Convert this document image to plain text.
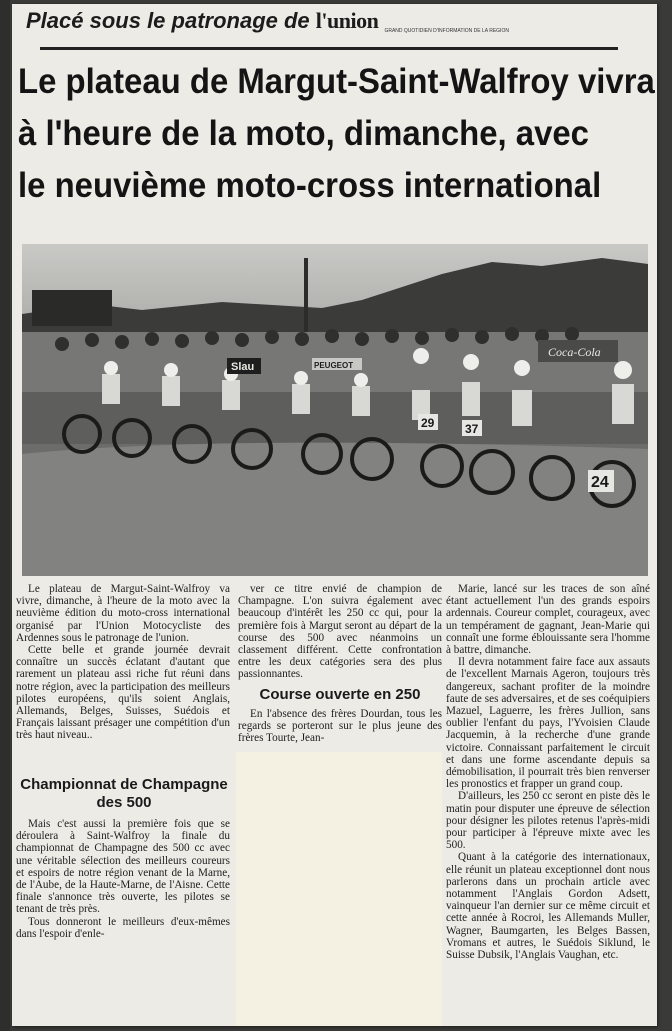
Placé sous le patronage de l'union GRAND QUOTIDIEN D'INFORMATION DE LA REGION
Le plateau de Margut-Saint-Walfroy vivra
à l'heure de la moto, dimanche, avec
le neuvième moto-cross international
Slau	PEUGEOT
Coca-Cola
29	37
24

Le plateau de Margut-Saint-Walfroy va vivre, dimanche, à l'heure de la moto avec la neuvième édition du moto-cross international organisé par l'Union Motocycliste des Ardennes sous le patronage de l'union.

Cette belle et grande journée devrait connaître un succès éclatant d'autant que rarement un plateau assi riche fut réuni dans notre région, avec la participation des meilleurs pilotes européens, qu'ils soient Anglais, Allemands, Belges, Suisses, Suédois et Français laissant présager une compétition d'un très haut niveau..

Championnat de Champagne des 500

Mais c'est aussi la première fois que se déroulera à Saint-Walfroy la finale du championnat de Champagne des 500 cc avec une véritable sélection des meilleurs coureurs et espoirs de notre région venant de la Marne, de l'Aube, de la Haute-Marne, de l'Aisne. Cette finale s'annonce très ouverte, les pilotes se tenant de très près.

Tous donneront le meilleurs d'eux-mêmes dans l'espoir d'enle-

ver ce titre envié de champion de Champagne. L'on suivra également avec beaucoup d'intérêt les 250 cc qui, pour la première fois à Margut seront au départ de la course des 500 avec néanmoins un classement différent. Cette confrontation entre les deux catégories sera des plus passionnantes.

Course ouverte en 250

En l'absence des frères Dourdan, tous les regards se porteront sur le plus jeune des frères Tourte, Jean-

Marie, lancé sur les traces de son aîné étant actuellement l'un des grands espoirs ardennais. Coureur complet, courageux, avec un tempérament de gagnant, Jean-Marie qui connaît une forme éblouissante sera l'homme à battre, dimanche.

Il devra notamment faire face aux assauts de l'excellent Marnais Ageron, toujours très dangereux, sachant profiter de la moindre faute de ses adversaires, et de ses coéquipiers Mazuel, Laguerre, les frères Jullion, sans oublier l'enfant du pays, l'Yvoisien Claude Jacquemin, à la recherche d'une grande victoire. Connaissant parfaitement le circuit et dans une forme ascendante depuis sa démobilisation, il pourrait très bien renverser les pronostics et frapper un grand coup.

D'ailleurs, les 250 cc seront en piste dès le matin pour disputer une épreuve de sélection pour désigner les pilotes retenus l'après-midi pour participer à l'épreuve mixte avec les 500.

Quant à la catégorie des internationaux, elle réunit un plateau exceptionnel dont nous parlerons dans un prochain article avec notamment l'Anglais Gordon Adsett, vainqueur l'an dernier sur ce même circuit et cette année à Rocroi, les Allemands Muller, Wagner, Baumgarten, les Belges Bassen, Vromans et autres, le Suédois Siklund, le Suisse Dubsik, l'Anglais Vaughan, etc.
